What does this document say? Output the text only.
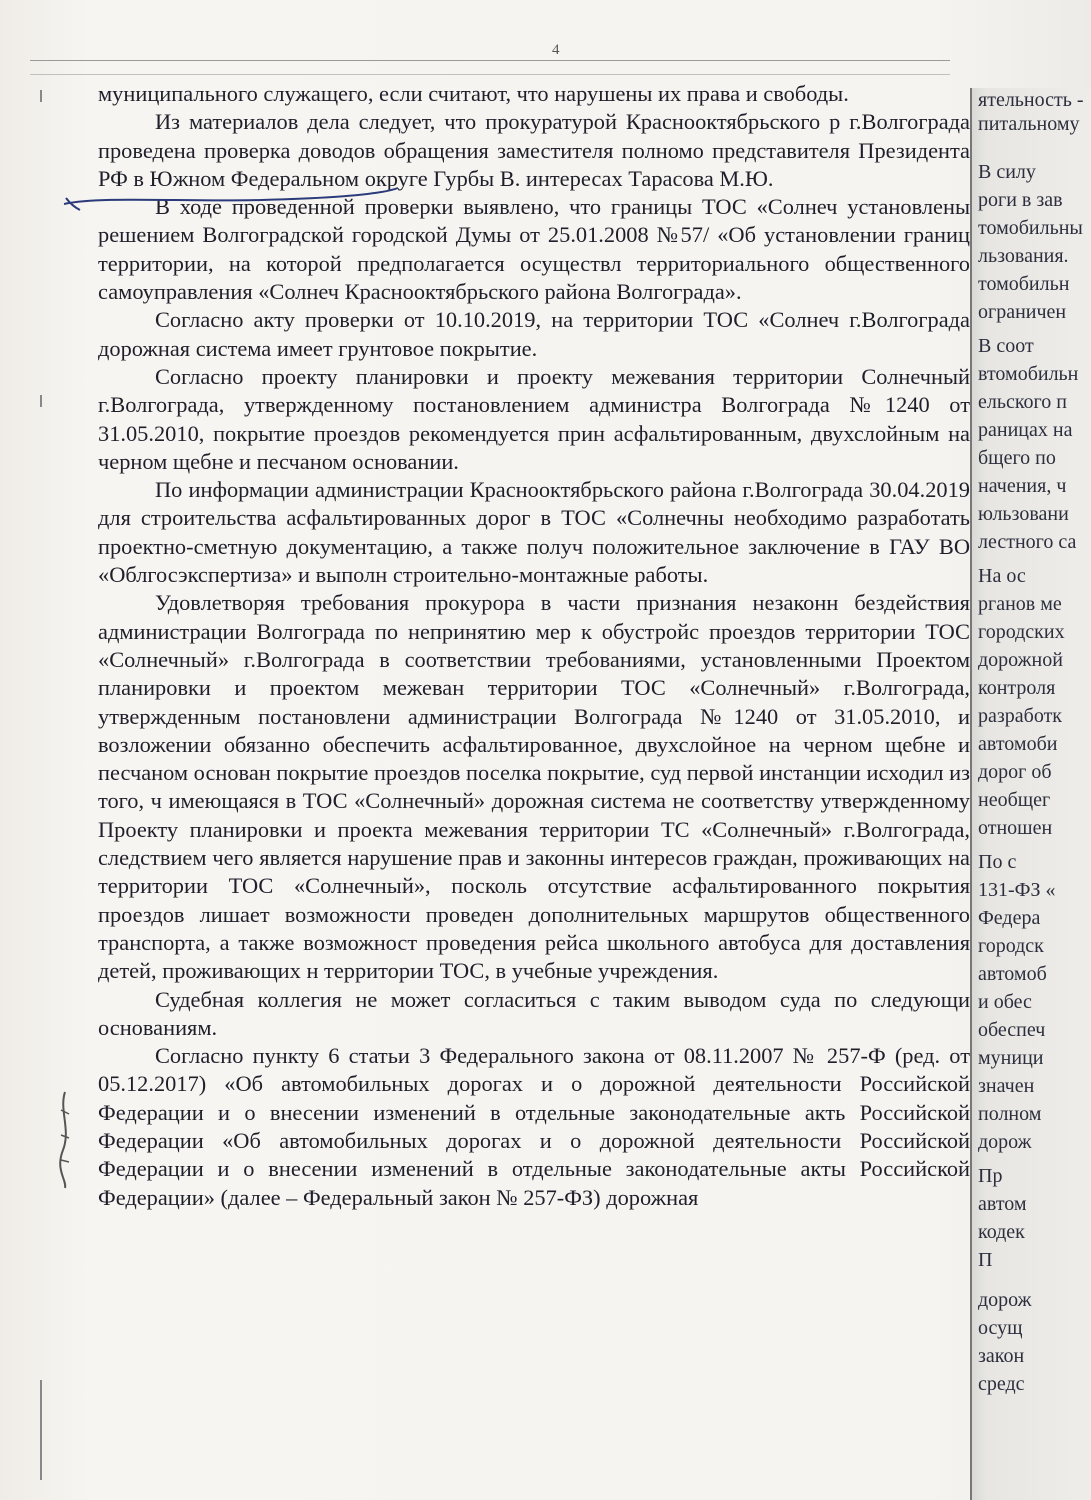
4

муниципального служащего, если считают, что нарушены их права и свободы.

Из материалов дела следует, что прокуратурой Краснооктябрьского р г.Волгограда проведена проверка доводов обращения заместителя полномо представителя Президента РФ в Южном Федеральном округе Гурбы В. интересах Тарасова М.Ю.

В ходе проведенной проверки выявлено, что границы ТОС «Солнеч установлены решением Волгоградской городской Думы от 25.01.2008 №57/ «Об установлении границ территории, на которой предполагается осуществл территориального общественного самоуправления «Солнеч Краснооктябрьского района Волгограда».

Согласно акту проверки от 10.10.2019, на территории ТОС «Солнеч г.Волгограда дорожная система имеет грунтовое покрытие.

Согласно проекту планировки и проекту межевания территории Солнечный г.Волгограда, утвержденному постановлением администра Волгограда №1240 от 31.05.2010, покрытие проездов рекомендуется прин асфальтированным, двухслойным на черном щебне и песчаном основании.

По информации администрации Краснооктябрьского района г.Волгограда 30.04.2019 для строительства асфальтированных дорог в ТОС «Солнечны необходимо разработать проектно-сметную документацию, а также получ положительное заключение в ГАУ ВО «Облгосэкспертиза» и выполн строительно-монтажные работы.

Удовлетворяя требования прокурора в части признания незаконн бездействия администрации Волгограда по непринятию мер к обустройс проездов территории ТОС «Солнечный» г.Волгограда в соответствии требованиями, установленными Проектом планировки и проектом межеван территории ТОС «Солнечный» г.Волгограда, утвержденным постановлени администрации Волгограда №1240 от 31.05.2010, и возложении обязанно обеспечить асфальтированное, двухслойное на черном щебне и песчаном основан покрытие проездов поселка покрытие, суд первой инстанции исходил из того, ч имеющаяся в ТОС «Солнечный» дорожная система не соответству утвержденному Проекту планировки и проекта межевания территории ТС «Солнечный» г.Волгограда, следствием чего является нарушение прав и законны интересов граждан, проживающих на территории ТОС «Солнечный», посколь отсутствие асфальтированного покрытия проездов лишает возможности проведен дополнительных маршрутов общественного транспорта, а также возможност проведения рейса школьного автобуса для доставления детей, проживающих н территории ТОС, в учебные учреждения.

Судебная коллегия не может согласиться с таким выводом суда по следующи основаниям.

Согласно пункту 6 статьи 3 Федерального закона от 08.11.2007 № 257-Ф (ред. от 05.12.2017) «Об автомобильных дорогах и о дорожной деятельности Российской Федерации и о внесении изменений в отдельные законодательные акть Российской Федерации «Об автомобильных дорогах и о дорожной деятельности Российской Федерации и о внесении изменений в отдельные законодательные акты Российской Федерации» (далее – Федеральный закон № 257-ФЗ) дорожная

ятельность -
питальному
В силу
роги в зав
томобильны
льзования.
томобильн
ограничен
В соот
втомобильн
ельского п
раницах на
бщего по
начения, ч
юльзовани
лестного са
На ос
рганов ме
городских
дорожной
контроля
разработк
автомоби
дорог об
необщег
отношен
По с
131-ФЗ «
Федера
городск
автомоб
и обес
обеспеч
муници
значен
полном
дорож
Пр
автом
кодек
П
дорож
осущ
закон
средс
